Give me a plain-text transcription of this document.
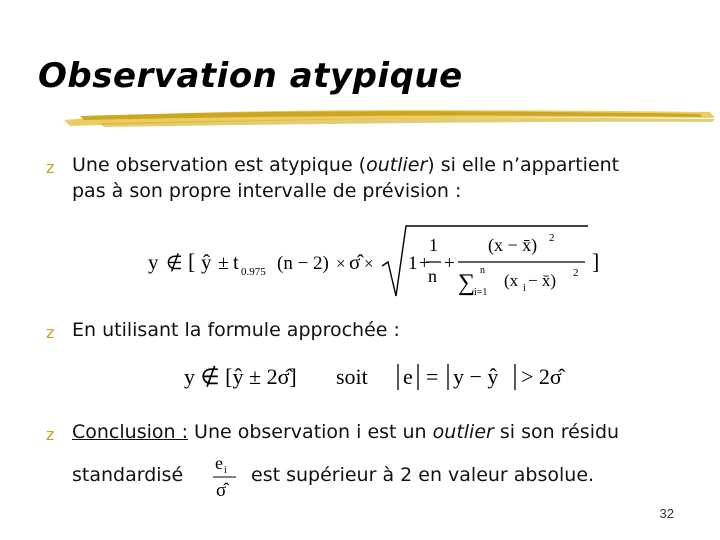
Observation atypique
z Une observation est atypique (outlier) si elle n’appartient
pas à son propre intervalle de prévision :
y ∉ [ ŷ ± t 0.975 (n − 2) × σ̂ × 1 +
1
n
+
(x − x̄) 2
∑ n
i=1
(x i − x̄) 2 ]
z En utilisant la formule approchée :
y ∉ [ŷ ± 2σ̂] soit e = y − ŷ > 2σ̂
z Conclusion : Une observation i est un outlier si son résidu
standardisé
e i
σ̂
est supérieur à 2 en valeur absolue.
32
